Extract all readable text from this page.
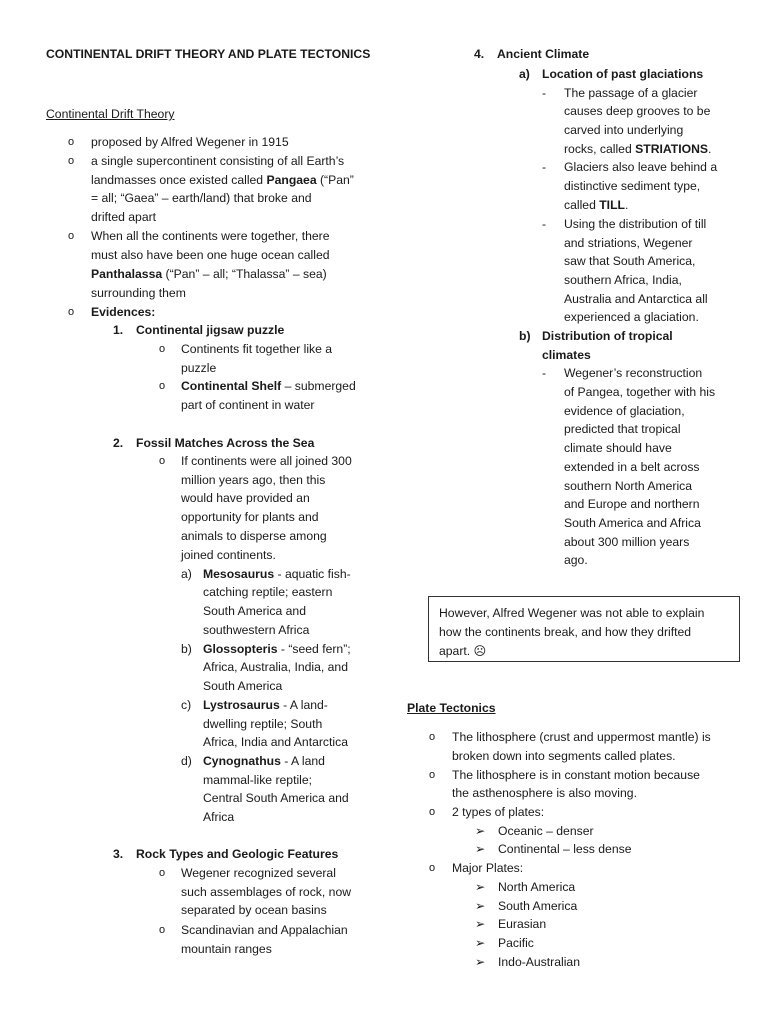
CONTINENTAL DRIFT THEORY AND PLATE TECTONICS
Continental Drift Theory
o proposed by Alfred Wegener in 1915
o a single supercontinent consisting of all Earth’s
landmasses once existed called Pangaea (“Pan”
= all; “Gaea” – earth/land) that broke and
drifted apart
o When all the continents were together, there
must also have been one huge ocean called
Panthalassa (“Pan” – all; “Thalassa” – sea)
surrounding them
o Evidences:
1. Continental jigsaw puzzle
o Continents fit together like a
puzzle
o Continental Shelf – submerged
part of continent in water
2. Fossil Matches Across the Sea
o If continents were all joined 300
million years ago, then this
would have provided an
opportunity for plants and
animals to disperse among
joined continents.
a) Mesosaurus - aquatic fish-
catching reptile; eastern
South America and
southwestern Africa
b) Glossopteris - “seed fern”;
Africa, Australia, India, and
South America
c) Lystrosaurus - A land-
dwelling reptile; South
Africa, India and Antarctica
d) Cynognathus - A land
mammal-like reptile;
Central South America and
Africa
3. Rock Types and Geologic Features
o Wegener recognized several
such assemblages of rock, now
separated by ocean basins
o Scandinavian and Appalachian
mountain ranges
4. Ancient Climate
a) Location of past glaciations
- The passage of a glacier
causes deep grooves to be
carved into underlying
rocks, called STRIATIONS.
- Glaciers also leave behind a
distinctive sediment type,
called TILL.
- Using the distribution of till
and striations, Wegener
saw that South America,
southern Africa, India,
Australia and Antarctica all
experienced a glaciation.
b) Distribution of tropical
climates
- Wegener’s reconstruction
of Pangea, together with his
evidence of glaciation,
predicted that tropical
climate should have
extended in a belt across
southern North America
and Europe and northern
South America and Africa
about 300 million years
ago.
However, Alfred Wegener was not able to explain
how the continents break, and how they drifted
apart. ☹
Plate Tectonics
o The lithosphere (crust and uppermost mantle) is
broken down into segments called plates.
o The lithosphere is in constant motion because
the asthenosphere is also moving.
o 2 types of plates:
➢ Oceanic – denser
➢ Continental – less dense
o Major Plates:
➢ North America
➢ South America
➢ Eurasian
➢ Pacific
➢ Indo-Australian
